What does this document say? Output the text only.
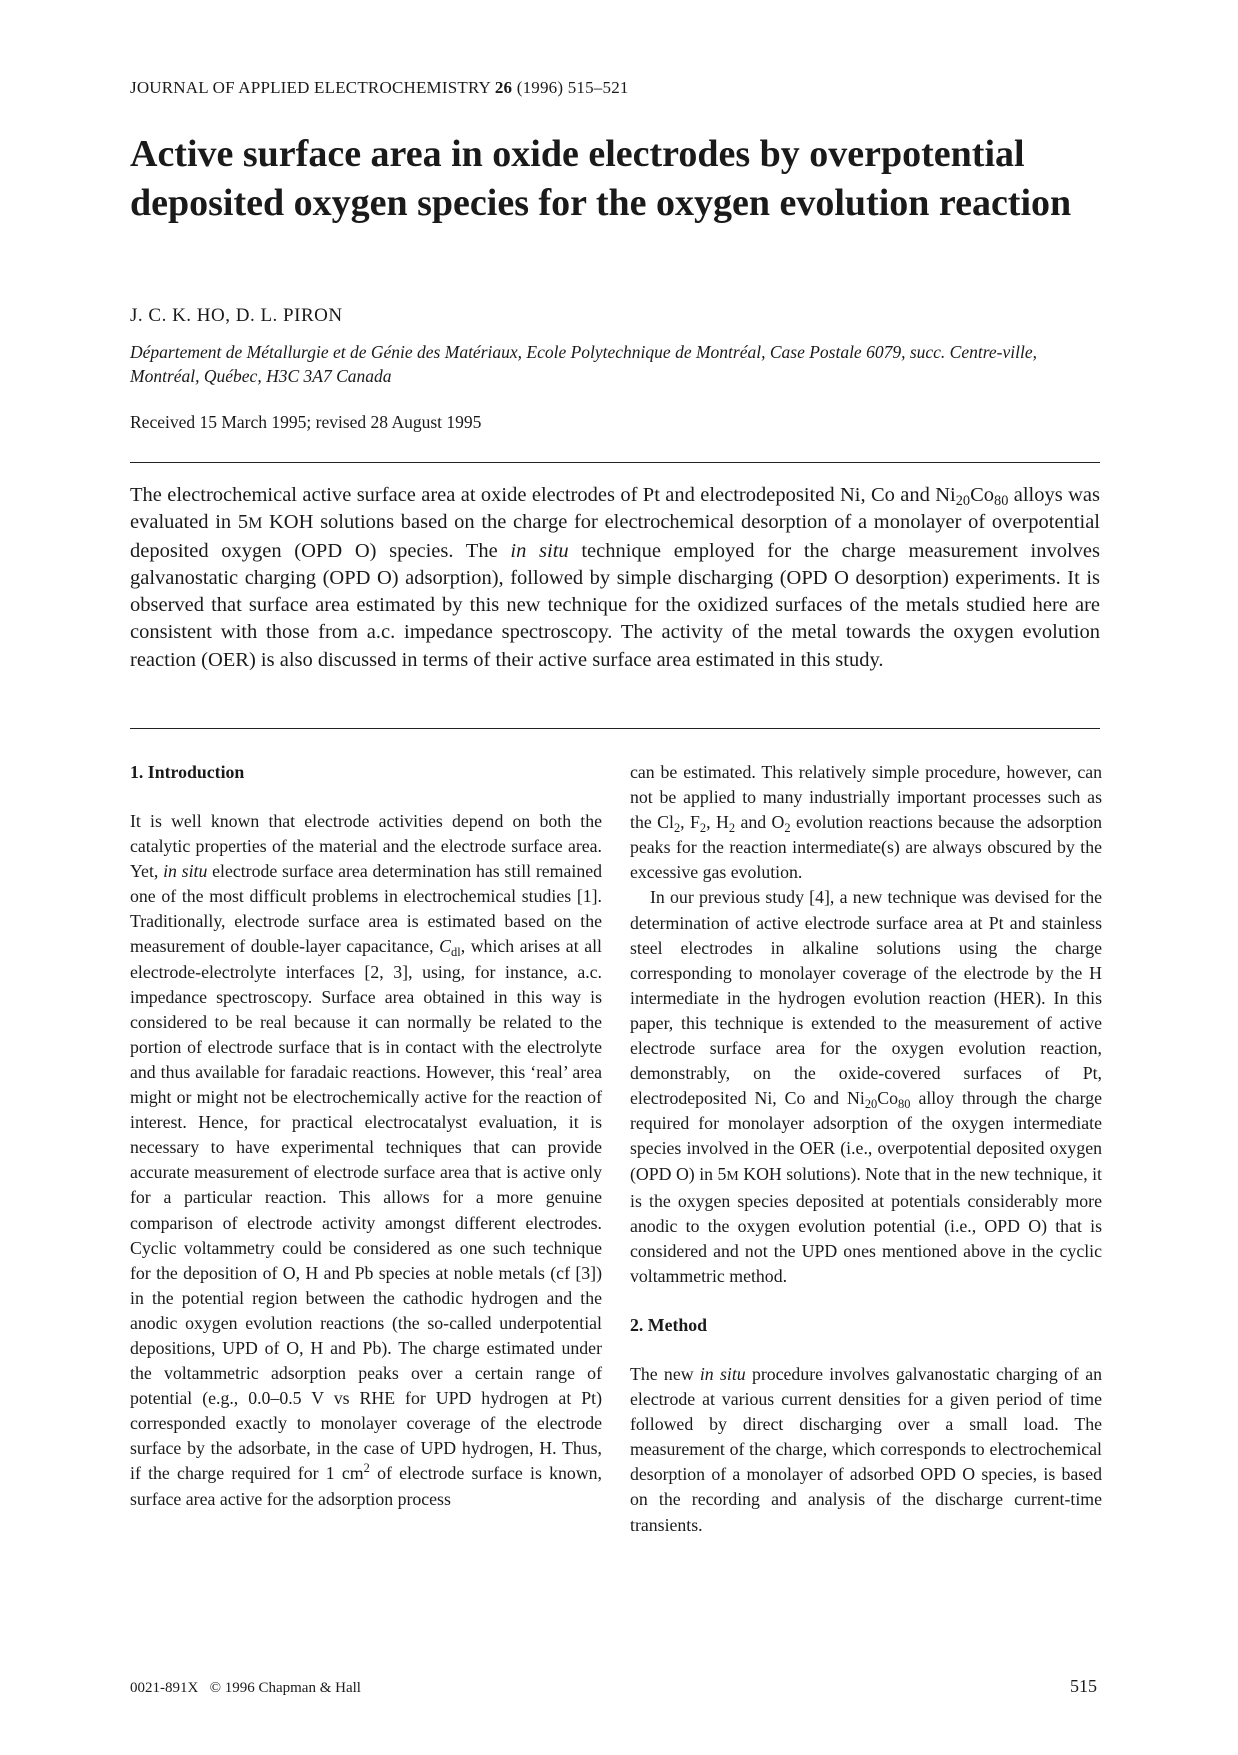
JOURNAL OF APPLIED ELECTROCHEMISTRY 26 (1996) 515–521
Active surface area in oxide electrodes by overpotential deposited oxygen species for the oxygen evolution reaction
J. C. K. HO, D. L. PIRON
Département de Métallurgie et de Génie des Matériaux, Ecole Polytechnique de Montréal, Case Postale 6079, succ. Centre-ville, Montréal, Québec, H3C 3A7 Canada
Received 15 March 1995; revised 28 August 1995

The electrochemical active surface area at oxide electrodes of Pt and electrodeposited Ni, Co and $Ni_{20}Co_{80}$ alloys was evaluated in 5M KOH solutions based on the charge for electrochemical desorption of a monolayer of overpotential deposited oxygen (OPD O) species. The in situ technique employed for the charge measurement involves galvanostatic charging (OPD O) adsorption), followed by simple discharging (OPD O desorption) experiments. It is observed that surface area estimated by this new technique for the oxidized surfaces of the metals studied here are consistent with those from a.c. impedance spectroscopy. The activity of the metal towards the oxygen evolution reaction (OER) is also discussed in terms of their active surface area estimated in this study.

1. Introduction

It is well known that electrode activities depend on both the catalytic properties of the material and the electrode surface area. Yet, in situ electrode surface area determination has still remained one of the most difficult problems in electrochemical studies [1]. Traditionally, electrode surface area is estimated based on the measurement of double-layer capacitance, $C_{dl}$, which arises at all electrode-electrolyte interfaces [2, 3], using, for instance, a.c. impedance spectroscopy. Surface area obtained in this way is considered to be real because it can normally be related to the portion of electrode surface that is in contact with the electrolyte and thus available for faradaic reactions. However, this ‘real’ area might or might not be electrochemically active for the reaction of interest. Hence, for practical electrocatalyst evaluation, it is necessary to have experimental techniques that can provide accurate measurement of electrode surface area that is active only for a particular reaction. This allows for a more genuine comparison of electrode activity amongst different electrodes. Cyclic voltammetry could be considered as one such technique for the deposition of O, H and Pb species at noble metals (cf [3]) in the potential region between the cathodic hydrogen and the anodic oxygen evolution reactions (the so-called underpotential depositions, UPD of O, H and Pb). The charge estimated under the voltammetric adsorption peaks over a certain range of potential (e.g., 0.0–0.5 V vs RHE for UPD hydrogen at Pt) corresponded exactly to monolayer coverage of the electrode surface by the adsorbate, in the case of UPD hydrogen, H. Thus, if the charge required for 1 $cm^2$ of electrode surface is known, surface area active for the adsorption process

can be estimated. This relatively simple procedure, however, can not be applied to many industrially important processes such as the $Cl_2$, $F_2$, $H_2$ and $O_2$ evolution reactions because the adsorption peaks for the reaction intermediate(s) are always obscured by the excessive gas evolution.

In our previous study [4], a new technique was devised for the determination of active electrode surface area at Pt and stainless steel electrodes in alkaline solutions using the charge corresponding to monolayer coverage of the electrode by the H intermediate in the hydrogen evolution reaction (HER). In this paper, this technique is extended to the measurement of active electrode surface area for the oxygen evolution reaction, demonstrably, on the oxide-covered surfaces of Pt, electrodeposited Ni, Co and $Ni_{20}Co_{80}$ alloy through the charge required for monolayer adsorption of the oxygen intermediate species involved in the OER (i.e., overpotential deposited oxygen (OPD O) in 5M KOH solutions). Note that in the new technique, it is the oxygen species deposited at potentials considerably more anodic to the oxygen evolution potential (i.e., OPD O) that is considered and not the UPD ones mentioned above in the cyclic voltammetric method.

2. Method

The new in situ procedure involves galvanostatic charging of an electrode at various current densities for a given period of time followed by direct discharging over a small load. The measurement of the charge, which corresponds to electrochemical desorption of a monolayer of adsorbed OPD O species, is based on the recording and analysis of the discharge current-time transients.

0021-891X © 1996 Chapman & Hall	515
